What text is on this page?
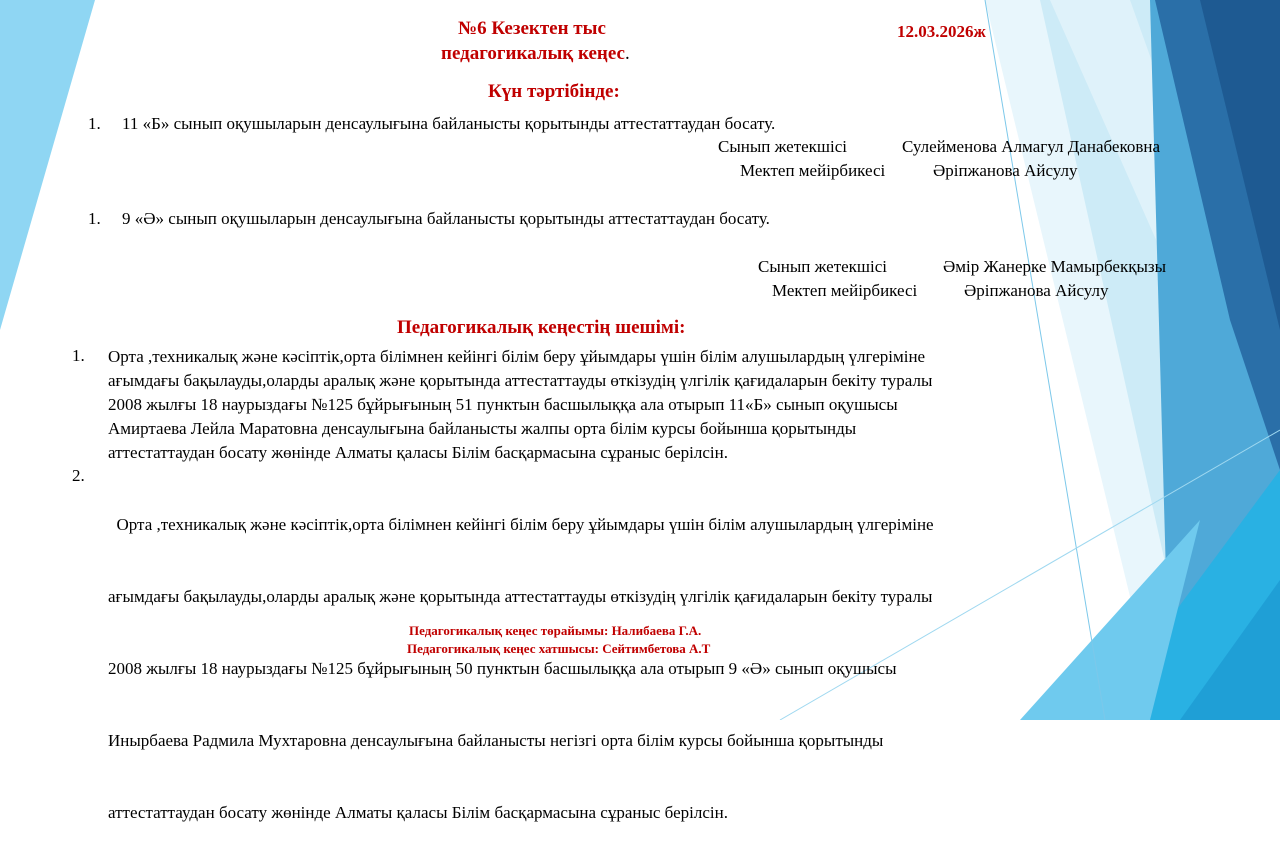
№6 Кезектен тыс
педагогикалық кеңес.
12.03.2026ж
Күн тәртібінде:
1. 11 «Б» сынып оқушыларын денсаулығына байланысты қорытынды аттестаттаудан босату.
Сынып жетекшісі	Сулейменова Алмагул Данабековна
Мектеп мейірбикесі	Әріпжанова Айсулу
1. 9 «Ә» сынып оқушыларын денсаулығына байланысты қорытынды аттестаттаудан босату.
Сынып жетекшісі	Әмір Жанерке Мамырбекқызы
Мектеп мейірбикесі	Әріпжанова Айсулу
Педагогикалық кеңестің шешімі:
1. Орта ,техникалық және кәсіптік,орта білімнен кейінгі білім беру ұйымдары үшін білім алушылардың үлгеріміне
ағымдағы бақылауды,оларды аралық және қорытында аттестаттауды өткізудің үлгілік қағидаларын бекіту туралы
2008 жылғы 18 наурыздағы №125 бұйрығының 51 пунктын басшылыққа ала отырып 11«Б» сынып оқушысы
Амиртаева Лейла Маратовна денсаулығына байланысты жалпы орта білім курсы бойынша қорытынды
аттестаттаудан босату жөнінде Алматы қаласы Білім басқармасына сұраныс берілсін.
2.

Орта ,техникалық және кәсіптік,орта білімнен кейінгі білім беру ұйымдары үшін білім алушылардың үлгеріміне

ағымдағы бақылауды,оларды аралық және қорытында аттестаттауды өткізудің үлгілік қағидаларын бекіту туралы

2008 жылғы 18 наурыздағы №125 бұйрығының 50 пунктын басшылыққа ала отырып 9 «Ә» сынып оқушысы

Инырбаева Радмила Мухтаровна денсаулығына байланысты негізгі орта білім курсы бойынша қорытынды

аттестаттаудан босату жөнінде Алматы қаласы Білім басқармасына сұраныс берілсін.

Педагогикалық кеңес төрайымы: Налибаева Г.А.
Педагогикалық кеңес хатшысы: Сейтимбетова А.Т
